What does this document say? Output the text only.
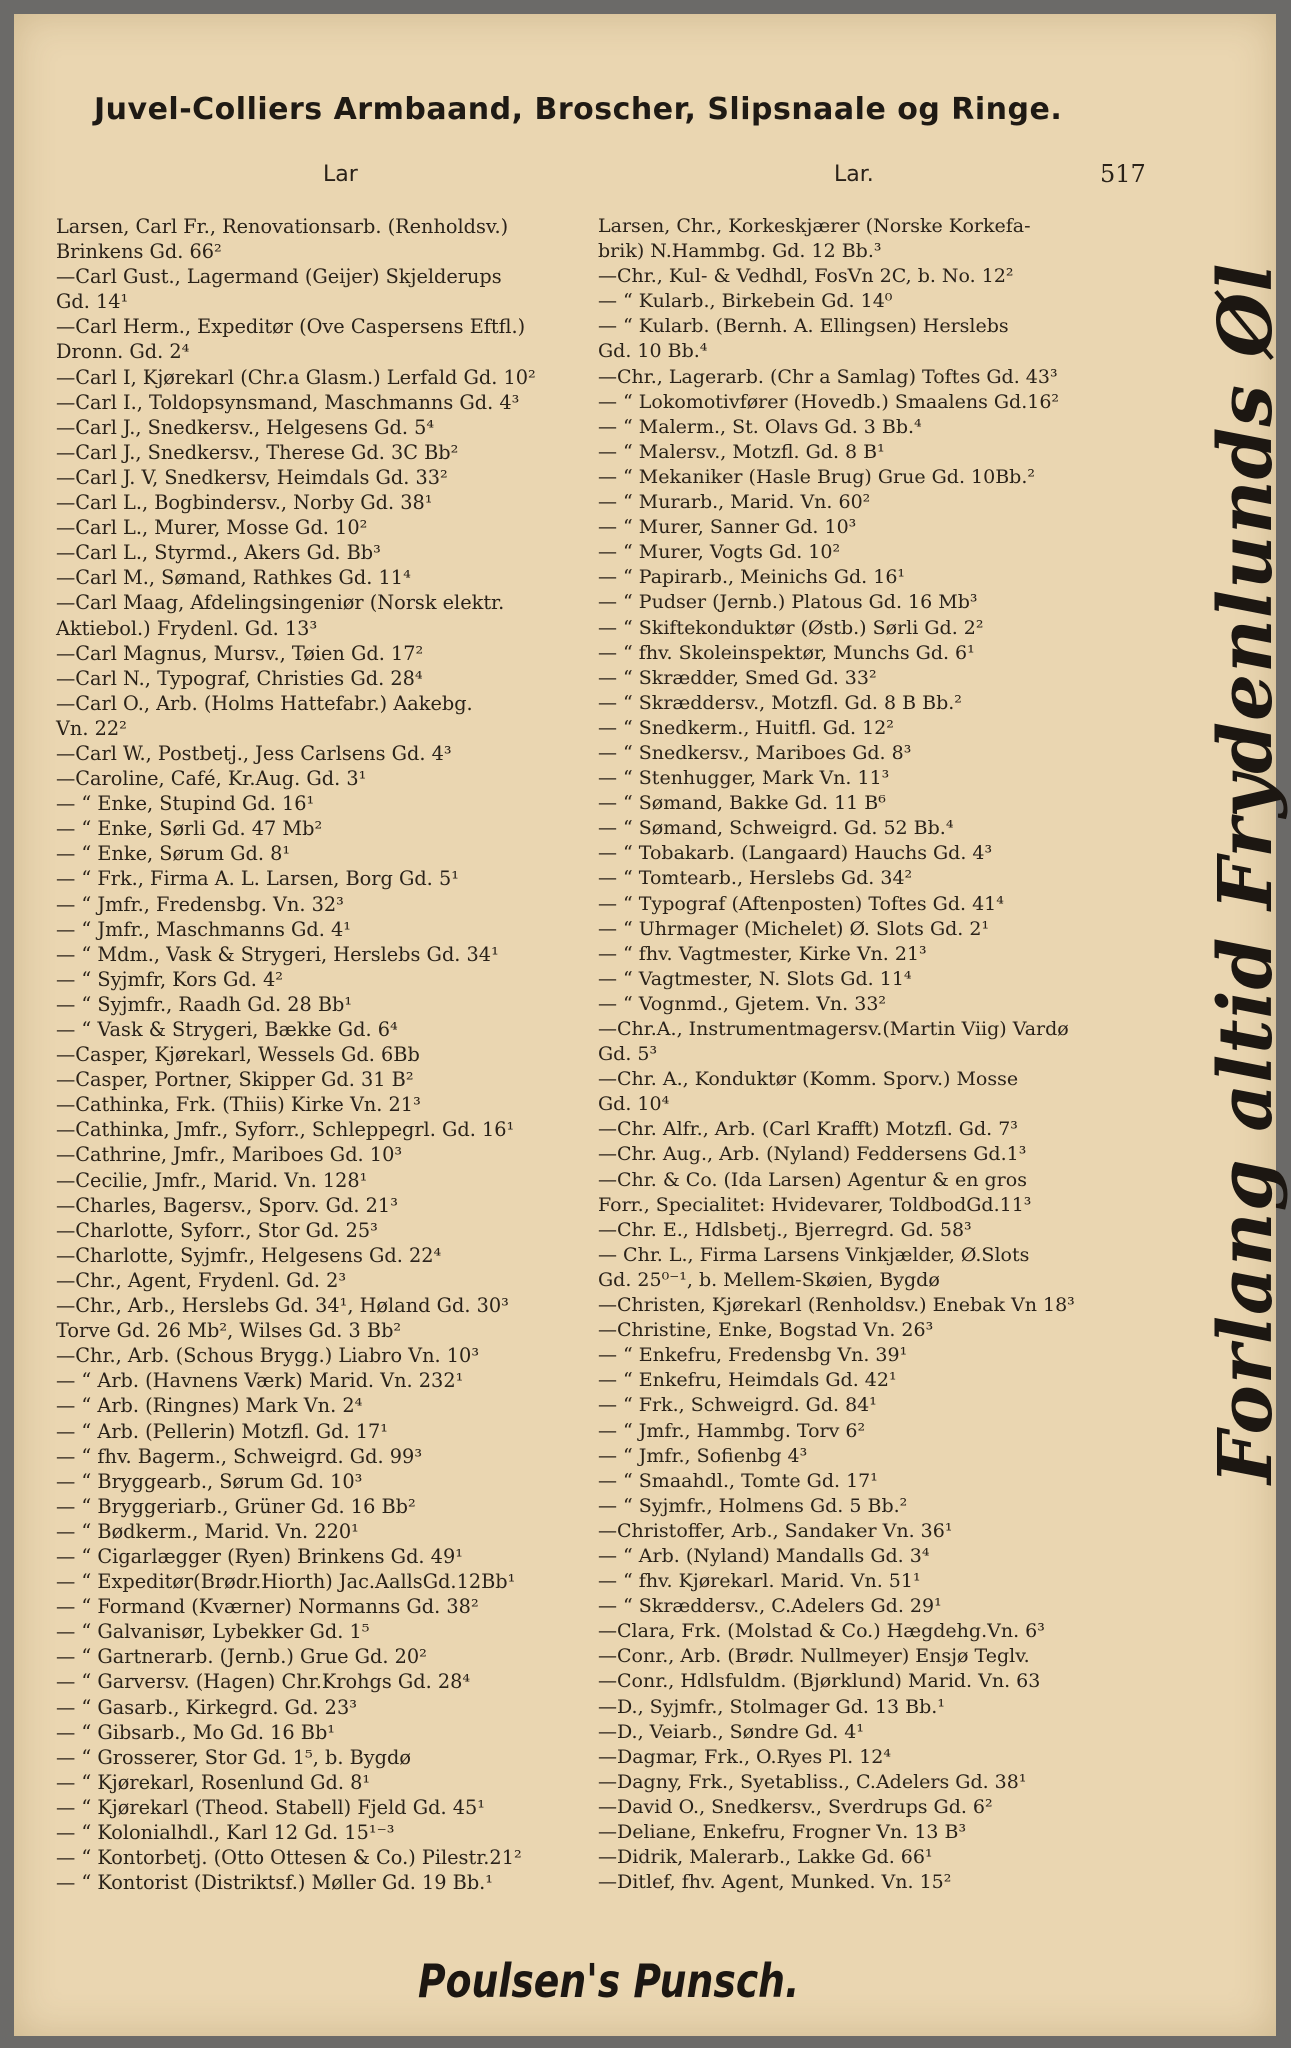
Juvel-Colliers Armbaand, Broscher, Slipsnaale og Ringe.
Lar	Lar.	517
Larsen, Carl Fr., Renovationsarb. (Renholdsv.)
Brinkens Gd. 66²
—Carl Gust., Lagermand (Geijer) Skjelderups
Gd. 14¹
—Carl Herm., Expeditør (Ove Caspersens Eftfl.)
Dronn. Gd. 2⁴
—Carl I, Kjørekarl (Chr.a Glasm.) Lerfald Gd. 10²
—Carl I., Toldopsynsmand, Maschmanns Gd. 4³
—Carl J., Snedkersv., Helgesens Gd. 5⁴
—Carl J., Snedkersv., Therese Gd. 3C Bb²
—Carl J. V, Snedkersv, Heimdals Gd. 33²
—Carl L., Bogbindersv., Norby Gd. 38¹
—Carl L., Murer, Mosse Gd. 10²
—Carl L., Styrmd., Akers Gd. Bb³
—Carl M., Sømand, Rathkes Gd. 11⁴
—Carl Maag, Afdelingsingeniør (Norsk elektr.
Aktiebol.) Frydenl. Gd. 13³
—Carl Magnus, Mursv., Tøien Gd. 17²
—Carl N., Typograf, Christies Gd. 28⁴
—Carl O., Arb. (Holms Hattefabr.) Aakebg.
Vn. 22²
—Carl W., Postbetj., Jess Carlsens Gd. 4³
—Caroline, Café, Kr.Aug. Gd. 3¹
— “ Enke, Stupind Gd. 16¹
— “ Enke, Sørli Gd. 47 Mb²
— “ Enke, Sørum Gd. 8¹
— “ Frk., Firma A. L. Larsen, Borg Gd. 5¹
— “ Jmfr., Fredensbg. Vn. 32³
— “ Jmfr., Maschmanns Gd. 4¹
— “ Mdm., Vask & Strygeri, Herslebs Gd. 34¹
— “ Syjmfr, Kors Gd. 4²
— “ Syjmfr., Raadh Gd. 28 Bb¹
— “ Vask & Strygeri, Bække Gd. 6⁴
—Casper, Kjørekarl, Wessels Gd. 6Bb
—Casper, Portner, Skipper Gd. 31 B²
—Cathinka, Frk. (Thiis) Kirke Vn. 21³
—Cathinka, Jmfr., Syforr., Schleppegrl. Gd. 16¹
—Cathrine, Jmfr., Mariboes Gd. 10³
—Cecilie, Jmfr., Marid. Vn. 128¹
—Charles, Bagersv., Sporv. Gd. 21³
—Charlotte, Syforr., Stor Gd. 25³
—Charlotte, Syjmfr., Helgesens Gd. 22⁴
—Chr., Agent, Frydenl. Gd. 2³
—Chr., Arb., Herslebs Gd. 34¹, Høland Gd. 30³
Torve Gd. 26 Mb², Wilses Gd. 3 Bb²
—Chr., Arb. (Schous Brygg.) Liabro Vn. 10³
— “ Arb. (Havnens Værk) Marid. Vn. 232¹
— “ Arb. (Ringnes) Mark Vn. 2⁴
— “ Arb. (Pellerin) Motzfl. Gd. 17¹
— “ fhv. Bagerm., Schweigrd. Gd. 99³
— “ Bryggearb., Sørum Gd. 10³
— “ Bryggeriarb., Grüner Gd. 16 Bb²
— “ Bødkerm., Marid. Vn. 220¹
— “ Cigarlægger (Ryen) Brinkens Gd. 49¹
— “ Expeditør(Brødr.Hiorth) Jac.AallsGd.12Bb¹
— “ Formand (Kværner) Normanns Gd. 38²
— “ Galvanisør, Lybekker Gd. 1⁵
— “ Gartnerarb. (Jernb.) Grue Gd. 20²
— “ Garversv. (Hagen) Chr.Krohgs Gd. 28⁴
— “ Gasarb., Kirkegrd. Gd. 23³
— “ Gibsarb., Mo Gd. 16 Bb¹
— “ Grosserer, Stor Gd. 1⁵, b. Bygdø
— “ Kjørekarl, Rosenlund Gd. 8¹
— “ Kjørekarl (Theod. Stabell) Fjeld Gd. 45¹
— “ Kolonialhdl., Karl 12 Gd. 15¹⁻³
— “ Kontorbetj. (Otto Ottesen & Co.) Pilestr.21²
— “ Kontorist (Distriktsf.) Møller Gd. 19 Bb.¹
Larsen, Chr., Korkeskjærer (Norske Korkefa-
brik) N.Hammbg. Gd. 12 Bb.³
—Chr., Kul- & Vedhdl, FosVn 2C, b. No. 12²
— “ Kularb., Birkebein Gd. 14⁰
— “ Kularb. (Bernh. A. Ellingsen) Herslebs
Gd. 10 Bb.⁴
—Chr., Lagerarb. (Chr a Samlag) Toftes Gd. 43³
— “ Lokomotivfører (Hovedb.) Smaalens Gd.16²
— “ Malerm., St. Olavs Gd. 3 Bb.⁴
— “ Malersv., Motzfl. Gd. 8 B¹
— “ Mekaniker (Hasle Brug) Grue Gd. 10Bb.²
— “ Murarb., Marid. Vn. 60²
— “ Murer, Sanner Gd. 10³
— “ Murer, Vogts Gd. 10²
— “ Papirarb., Meinichs Gd. 16¹
— “ Pudser (Jernb.) Platous Gd. 16 Mb³
— “ Skiftekonduktør (Østb.) Sørli Gd. 2²
— “ fhv. Skoleinspektør, Munchs Gd. 6¹
— “ Skrædder, Smed Gd. 33²
— “ Skræddersv., Motzfl. Gd. 8 B Bb.²
— “ Snedkerm., Huitfl. Gd. 12²
— “ Snedkersv., Mariboes Gd. 8³
— “ Stenhugger, Mark Vn. 11³
— “ Sømand, Bakke Gd. 11 B⁶
— “ Sømand, Schweigrd. Gd. 52 Bb.⁴
— “ Tobakarb. (Langaard) Hauchs Gd. 4³
— “ Tomtearb., Herslebs Gd. 34²
— “ Typograf (Aftenposten) Toftes Gd. 41⁴
— “ Uhrmager (Michelet) Ø. Slots Gd. 2¹
— “ fhv. Vagtmester, Kirke Vn. 21³
— “ Vagtmester, N. Slots Gd. 11⁴
— “ Vognmd., Gjetem. Vn. 33²
—Chr.A., Instrumentmagersv.(Martin Viig) Vardø
Gd. 5³
—Chr. A., Konduktør (Komm. Sporv.) Mosse
Gd. 10⁴
—Chr. Alfr., Arb. (Carl Krafft) Motzfl. Gd. 7³
—Chr. Aug., Arb. (Nyland) Feddersens Gd.1³
—Chr. & Co. (Ida Larsen) Agentur & en gros
Forr., Specialitet: Hvidevarer, ToldbodGd.11³
—Chr. E., Hdlsbetj., Bjerregrd. Gd. 58³
— Chr. L., Firma Larsens Vinkjælder, Ø.Slots
Gd. 25⁰⁻¹, b. Mellem-Skøien, Bygdø
—Christen, Kjørekarl (Renholdsv.) Enebak Vn 18³
—Christine, Enke, Bogstad Vn. 26³
— “ Enkefru, Fredensbg Vn. 39¹
— “ Enkefru, Heimdals Gd. 42¹
— “ Frk., Schweigrd. Gd. 84¹
— “ Jmfr., Hammbg. Torv 6²
— “ Jmfr., Sofienbg 4³
— “ Smaahdl., Tomte Gd. 17¹
— “ Syjmfr., Holmens Gd. 5 Bb.²
—Christoffer, Arb., Sandaker Vn. 36¹
— “ Arb. (Nyland) Mandalls Gd. 3⁴
— “ fhv. Kjørekarl. Marid. Vn. 51¹
— “ Skræddersv., C.Adelers Gd. 29¹
—Clara, Frk. (Molstad & Co.) Hægdehg.Vn. 6³
—Conr., Arb. (Brødr. Nullmeyer) Ensjø Teglv.
—Conr., Hdlsfuldm. (Bjørklund) Marid. Vn. 63
—D., Syjmfr., Stolmager Gd. 13 Bb.¹
—D., Veiarb., Søndre Gd. 4¹
—Dagmar, Frk., O.Ryes Pl. 12⁴
—Dagny, Frk., Syetabliss., C.Adelers Gd. 38¹
—David O., Snedkersv., Sverdrups Gd. 6²
—Deliane, Enkefru, Frogner Vn. 13 B³
—Didrik, Malerarb., Lakke Gd. 66¹
—Ditlef, fhv. Agent, Munked. Vn. 15²
Forlang altid Frydenlunds Øl
Poulsen's Punsch.
